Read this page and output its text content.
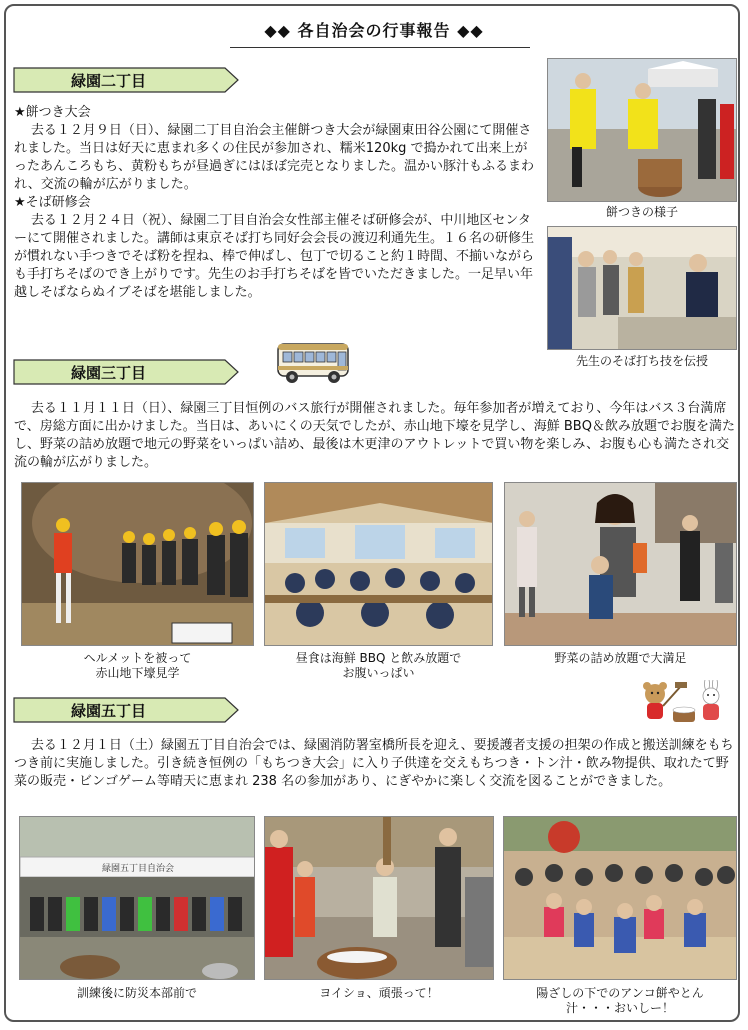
◆◆ 各自治会の行事報告 ◆◆
緑園二丁目

★餅つき大会

去る１２月９日（日）、緑園二丁目自治会主催餅つき大会が緑園東田谷公園にて開催されました。当日は好天に恵まれ多くの住民が参加され、糯米120kg で搗かれて出来上がったあんころもち、黄粉もちが昼過ぎにはほぼ完売となりました。温かい豚汁もふるまわれ、交流の輪が広がりました。

★そば研修会

去る１２月２４日（祝）、緑園二丁目自治会女性部主催そば研修会が、中川地区センターにて開催されました。講師は東京そば打ち同好会会長の渡辺利通先生。１６名の研修生が慣れない手つきでそば粉を捏ね、棒で伸ばし、包丁で切ること約１時間、不揃いながらも手打ちそばのでき上がりです。先生のお手打ちそばを皆でいただきました。一足早い年越しそばならぬイブそばを堪能しました。

餅つきの様子
先生のそば打ち技を伝授
緑園三丁目

去る１１月１１日（日）、緑園三丁目恒例のバス旅行が開催されました。毎年参加者が増えており、今年はバス３台満席で、房総方面に出かけました。当日は、あいにくの天気でしたが、赤山地下壕を見学し、海鮮 BBQ＆飲み放題でお腹を満たし、野菜の詰め放題で地元の野菜をいっぱい詰め、最後は木更津のアウトレットで買い物を楽しみ、お腹も心も満たされ交流の輪が広がりました。

ヘルメットを被って
赤山地下壕見学
昼食は海鮮 BBQ と飲み放題で
お腹いっぱい
野菜の詰め放題で大満足
緑園五丁目

去る１２月１日（土）緑園五丁目自治会では、緑園消防署室橋所長を迎え、要援護者支援の担架の作成と搬送訓練をもちつき前に実施しました。引き続き恒例の「もちつき大会」に入り子供達を交えもちつき・トン汁・飲み物提供、取れたて野菜の販売・ビンゴゲーム等晴天に恵まれ 238 名の参加があり、にぎやかに楽しく交流を図ることができました。

緑園五丁目自治会
訓練後に防災本部前で	ヨイショ、頑張って！	陽ざしの下でのアンコ餅やとん
汁・・・おいしー！
